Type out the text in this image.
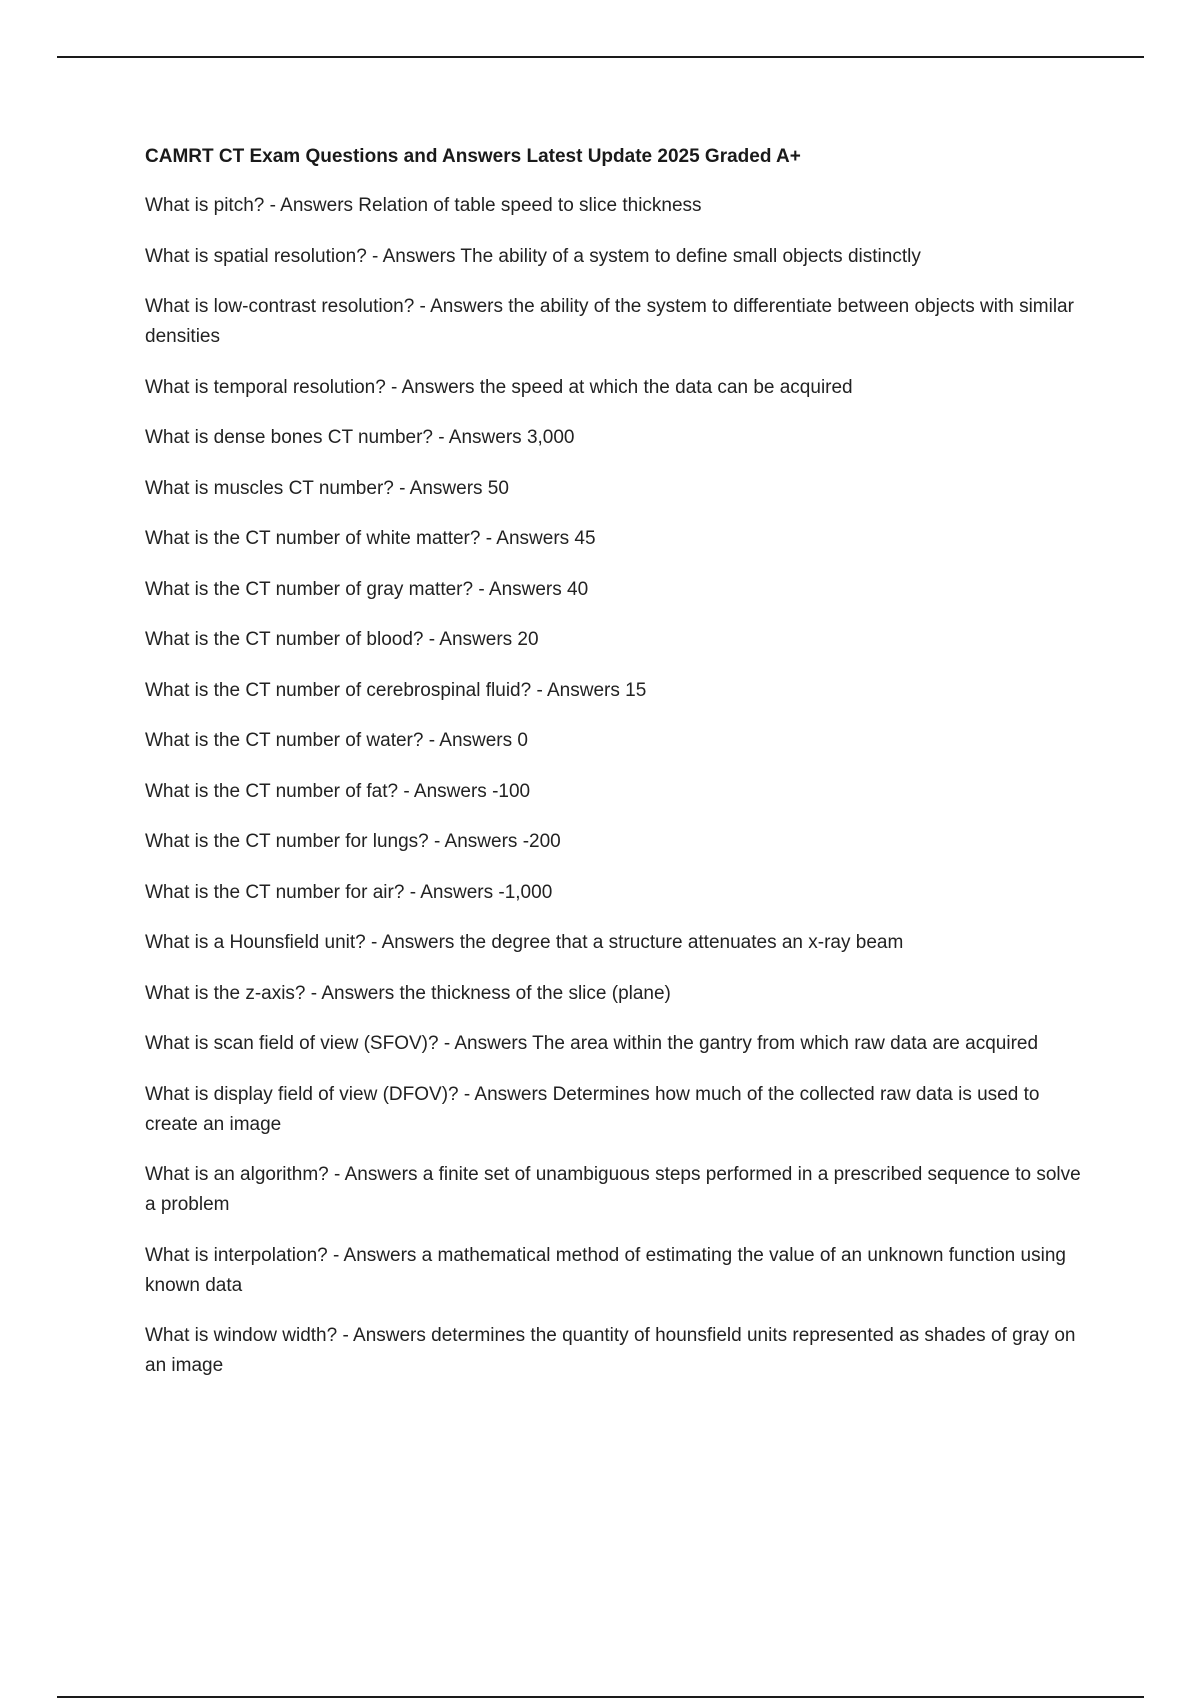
CAMRT CT Exam Questions and Answers Latest Update 2025 Graded A+
What is pitch? - Answers Relation of table speed to slice thickness
What is spatial resolution? - Answers The ability of a system to define small objects distinctly
What is low-contrast resolution? - Answers the ability of the system to differentiate between objects with similar densities
What is temporal resolution? - Answers the speed at which the data can be acquired
What is dense bones CT number? - Answers 3,000
What is muscles CT number? - Answers 50
What is the CT number of white matter? - Answers 45
What is the CT number of gray matter? - Answers 40
What is the CT number of blood? - Answers 20
What is the CT number of cerebrospinal fluid? - Answers 15
What is the CT number of water? - Answers 0
What is the CT number of fat? - Answers -100
What is the CT number for lungs? - Answers -200
What is the CT number for air? - Answers -1,000
What is a Hounsfield unit? - Answers the degree that a structure attenuates an x-ray beam
What is the z-axis? - Answers the thickness of the slice (plane)
What is scan field of view (SFOV)? - Answers The area within the gantry from which raw data are acquired
What is display field of view (DFOV)? - Answers Determines how much of the collected raw data is used to create an image
What is an algorithm? - Answers a finite set of unambiguous steps performed in a prescribed sequence to solve a problem
What is interpolation? - Answers a mathematical method of estimating the value of an unknown function using known data
What is window width? - Answers determines the quantity of hounsfield units represented as shades of gray on an image
